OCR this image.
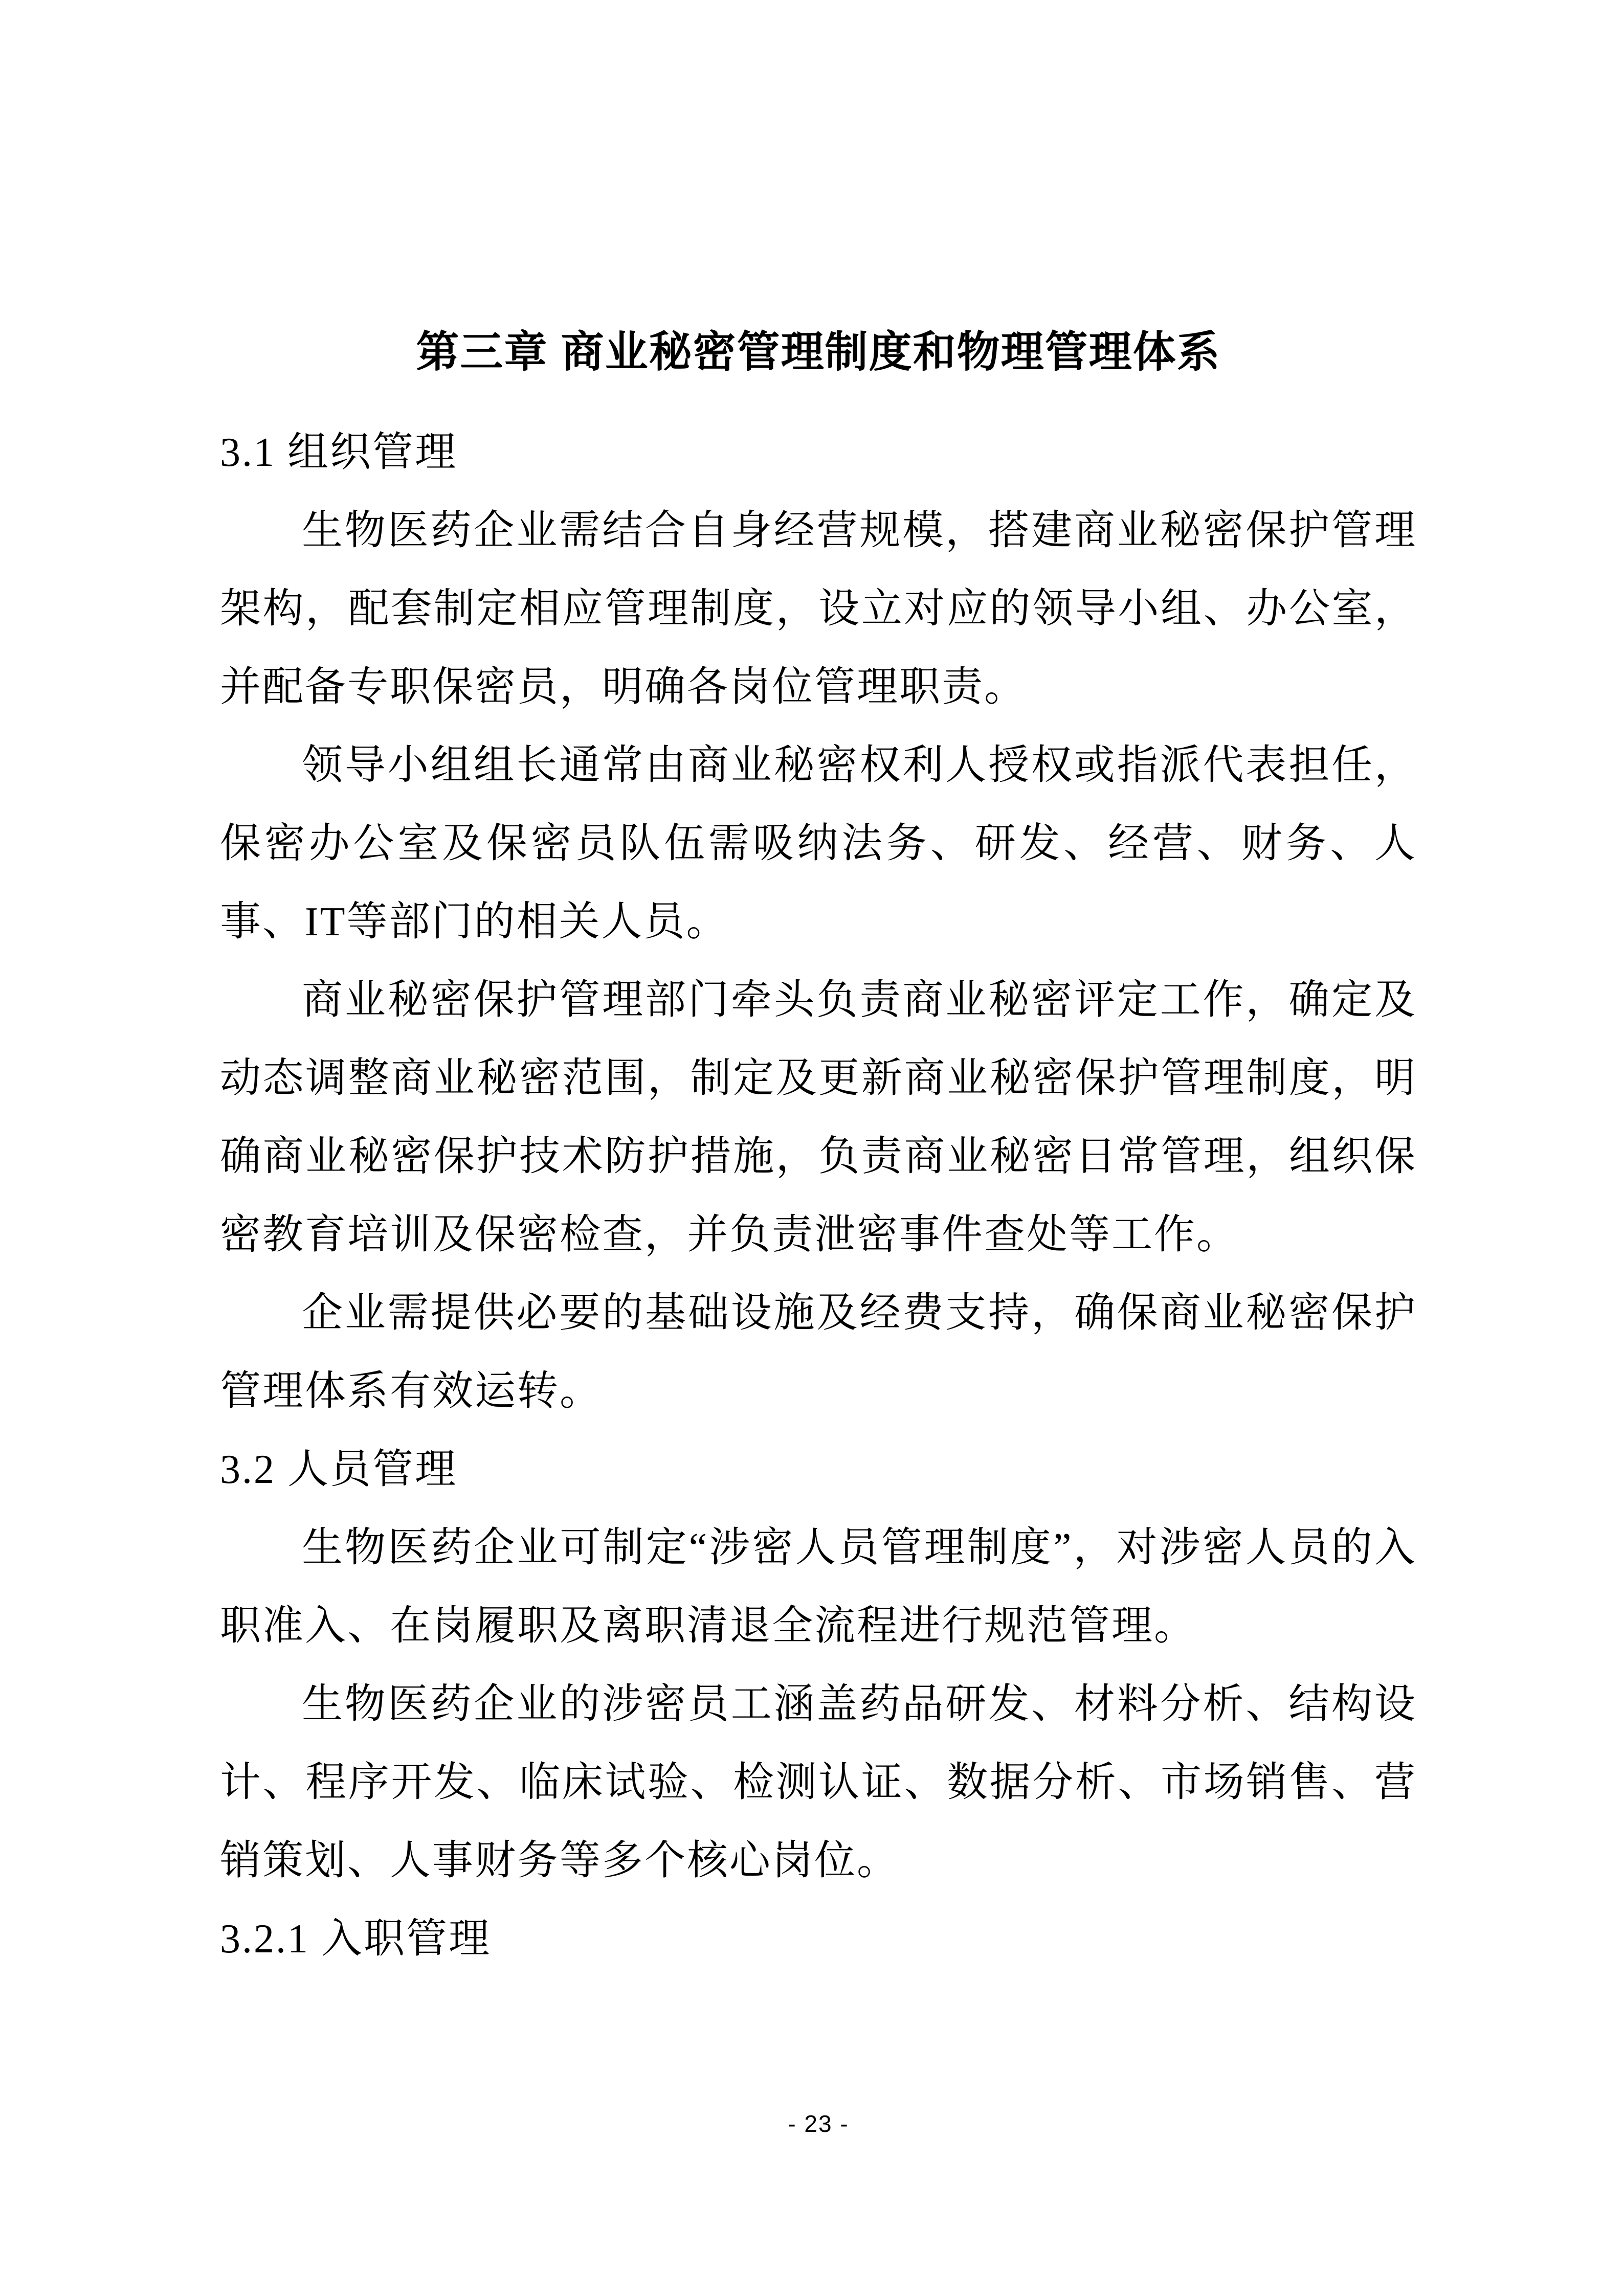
第三章 商业秘密管理制度和物理管理体系
3.1 组织管理

生物医药企业需结合自身经营规模，搭建商业秘密保护管理架构，配套制定相应管理制度，设立对应的领导小组、办公室，并配备专职保密员，明确各岗位管理职责。

领导小组组长通常由商业秘密权利人授权或指派代表担任，保密办公室及保密员队伍需吸纳法务、研发、经营、财务、人事、IT等部门的相关人员。

商业秘密保护管理部门牵头负责商业秘密评定工作，确定及动态调整商业秘密范围，制定及更新商业秘密保护管理制度，明确商业秘密保护技术防护措施，负责商业秘密日常管理，组织保密教育培训及保密检查，并负责泄密事件查处等工作。

企业需提供必要的基础设施及经费支持，确保商业秘密保护管理体系有效运转。

3.2 人员管理

生物医药企业可制定“涉密人员管理制度”，对涉密人员的入职准入、在岗履职及离职清退全流程进行规范管理。

生物医药企业的涉密员工涵盖药品研发、材料分析、结构设计、程序开发、临床试验、检测认证、数据分析、市场销售、营销策划、人事财务等多个核心岗位。

3.2.1 入职管理
- 23 -
